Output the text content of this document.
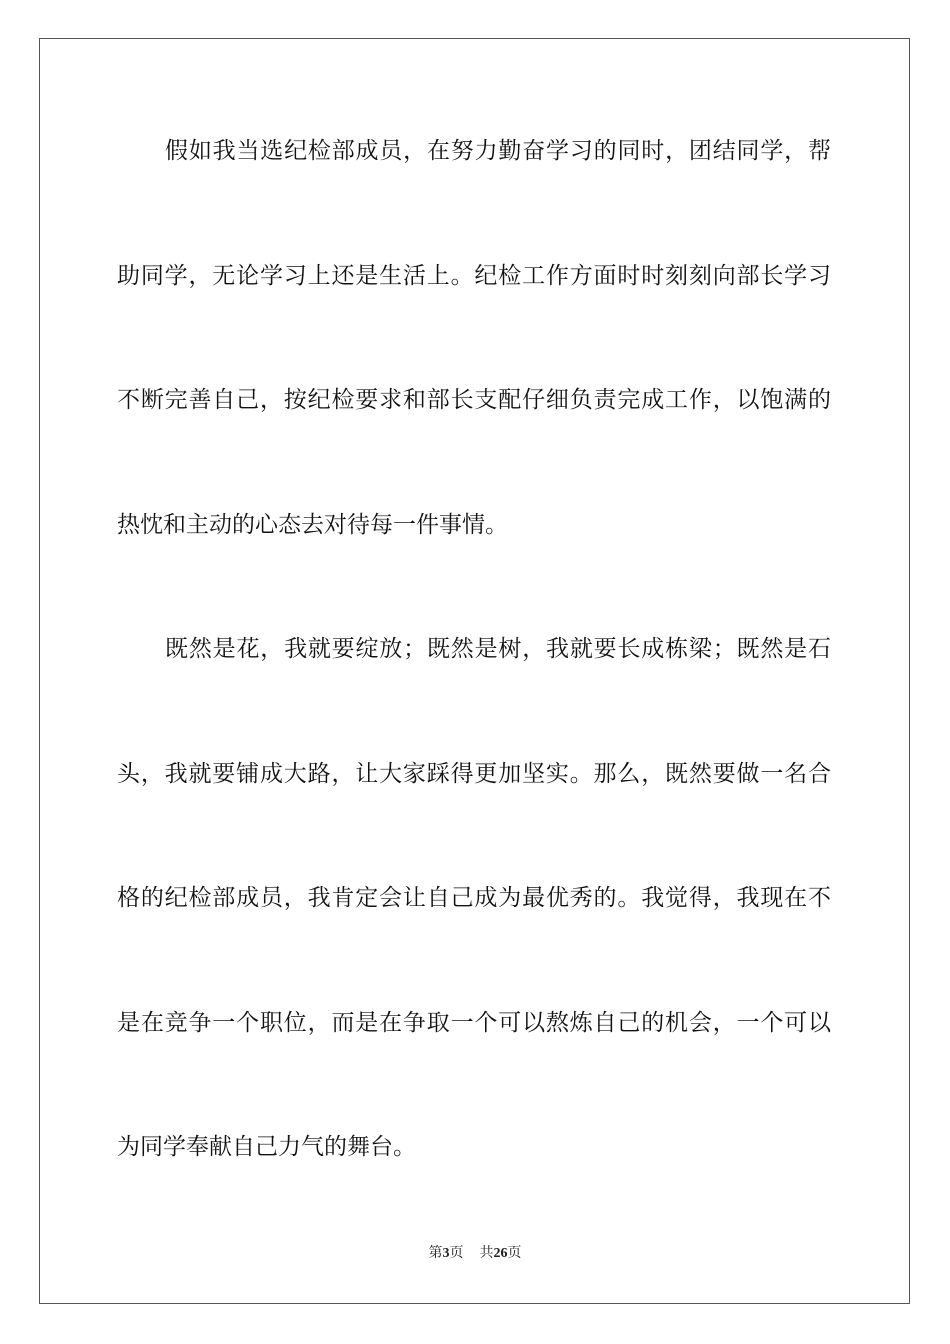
假如我当选纪检部成员，在努力勤奋学习的同时，团结同学，帮
助同学，无论学习上还是生活上。纪检工作方面时时刻刻向部长学习
不断完善自己，按纪检要求和部长支配仔细负责完成工作，以饱满的
热忱和主动的心态去对待每一件事情。
既然是花，我就要绽放；既然是树，我就要长成栋梁；既然是石
头，我就要铺成大路，让大家踩得更加坚实。那么，既然要做一名合
格的纪检部成员，我肯定会让自己成为最优秀的。我觉得，我现在不
是在竞争一个职位，而是在争取一个可以熬炼自己的机会，一个可以
为同学奉献自己力气的舞台。
第3页 共26页
